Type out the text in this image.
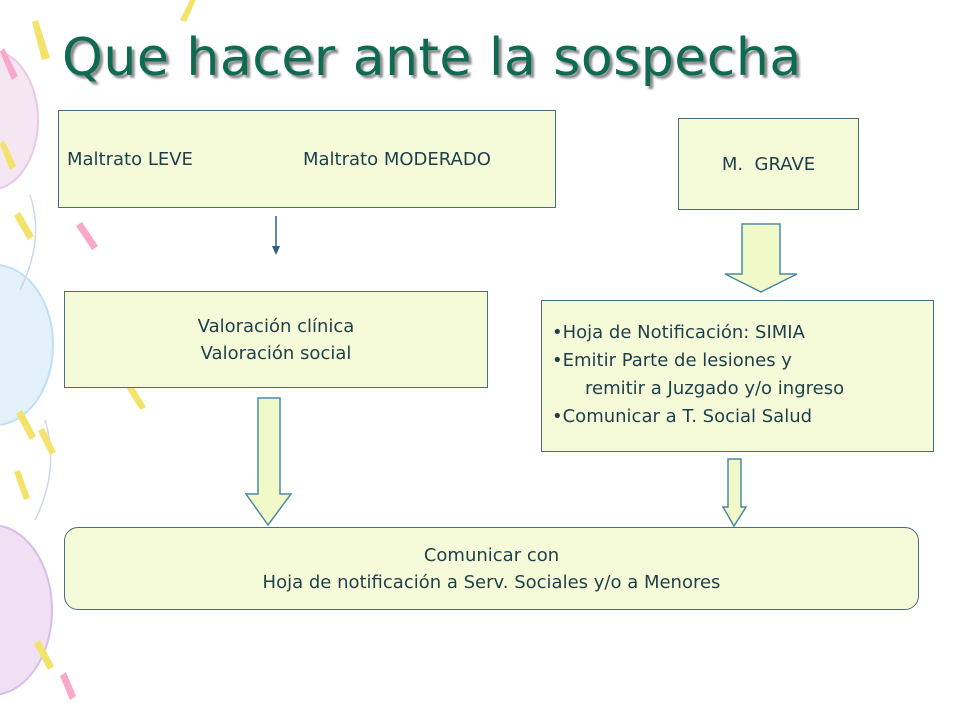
Que hacer ante la sospecha
Maltrato LEVE	Maltrato MODERADO	M.  GRAVE
Valoración clínica
Valoración social
•Hoja de Notificación: SIMIA
•Emitir Parte de lesiones y
remitir a Juzgado y/o ingreso
•Comunicar a T. Social Salud
Comunicar con
Hoja de notificación a Serv. Sociales y/o a Menores
